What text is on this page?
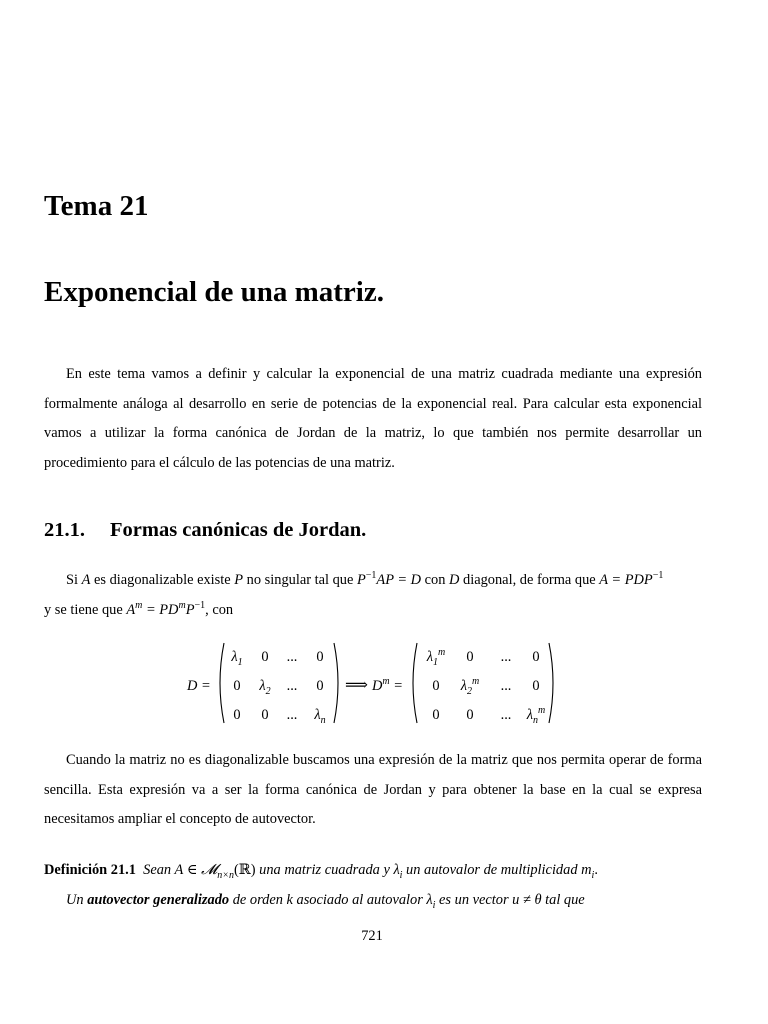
Tema 21
Exponencial de una matriz.

En este tema vamos a definir y calcular la exponencial de una matriz cuadrada mediante una expresión formalmente análoga al desarrollo en serie de potencias de la exponencial real. Para calcular esta exponencial vamos a utilizar la forma canónica de Jordan de la matriz, lo que también nos permite desarrollar un procedimiento para el cálculo de las potencias de una matriz.

21.1. Formas canónicas de Jordan.

Si A es diagonalizable existe P no singular tal que $P^{-1}AP = D$ con D diagonal, de forma que $A = PDP^{-1}$
y se tiene que $A^m = PD^mP^{-1}$, con

D =
$\lambda_1$	0	...	0
0	$\lambda_2$	...	0
0	0	...	$\lambda_n$
⟹ $D^m$ =
$\lambda_1^m$	0	...	0
0	$\lambda_2^m$	...	0
0	0	...	$\lambda_n^m$

Cuando la matriz no es diagonalizable buscamos una expresión de la matriz que nos permita operar de forma sencilla. Esta expresión va a ser la forma canónica de Jordan y para obtener la base en la cual se expresa necesitamos ampliar el concepto de autovector.

Definición 21.1 Sean A ∈ 𝓜$_{n\times n}$(ℝ) una matriz cuadrada y $\lambda_i$ un autovalor de multiplicidad $m_i$.
Un autovector generalizado de orden k asociado al autovalor $\lambda_i$ es un vector u ≠ θ tal que

721
